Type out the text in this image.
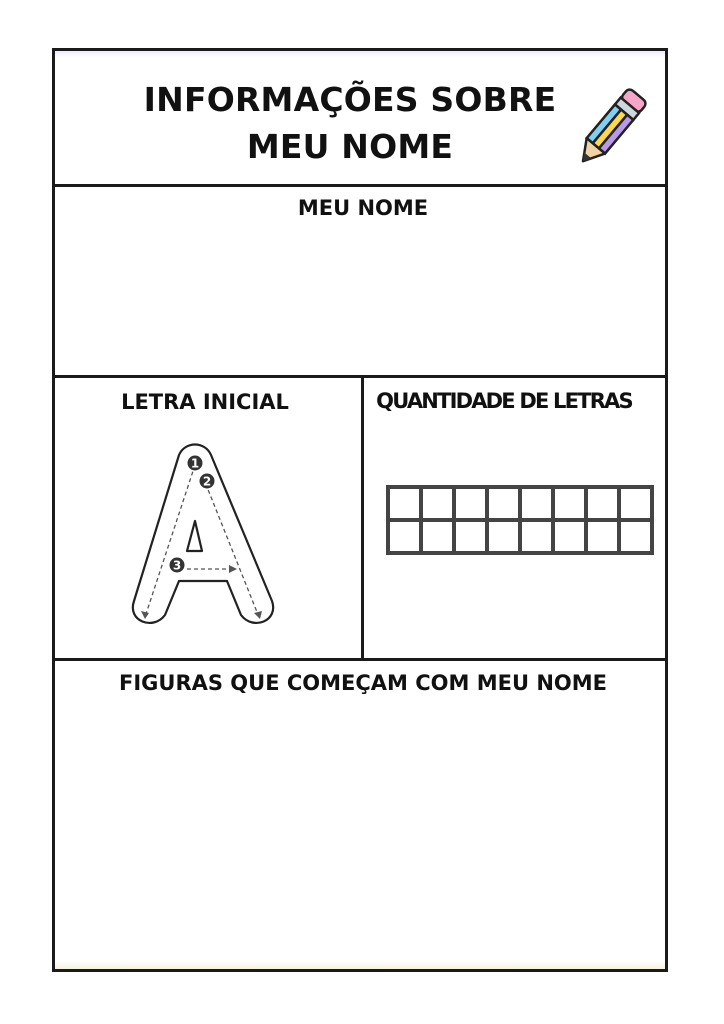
INFORMAÇÕES SOBRE
MEU NOME
MEU NOME
LETRA INICIAL	QUANTIDADE DE LETRAS
1
2
3
FIGURAS QUE COMEÇAM COM MEU NOME
